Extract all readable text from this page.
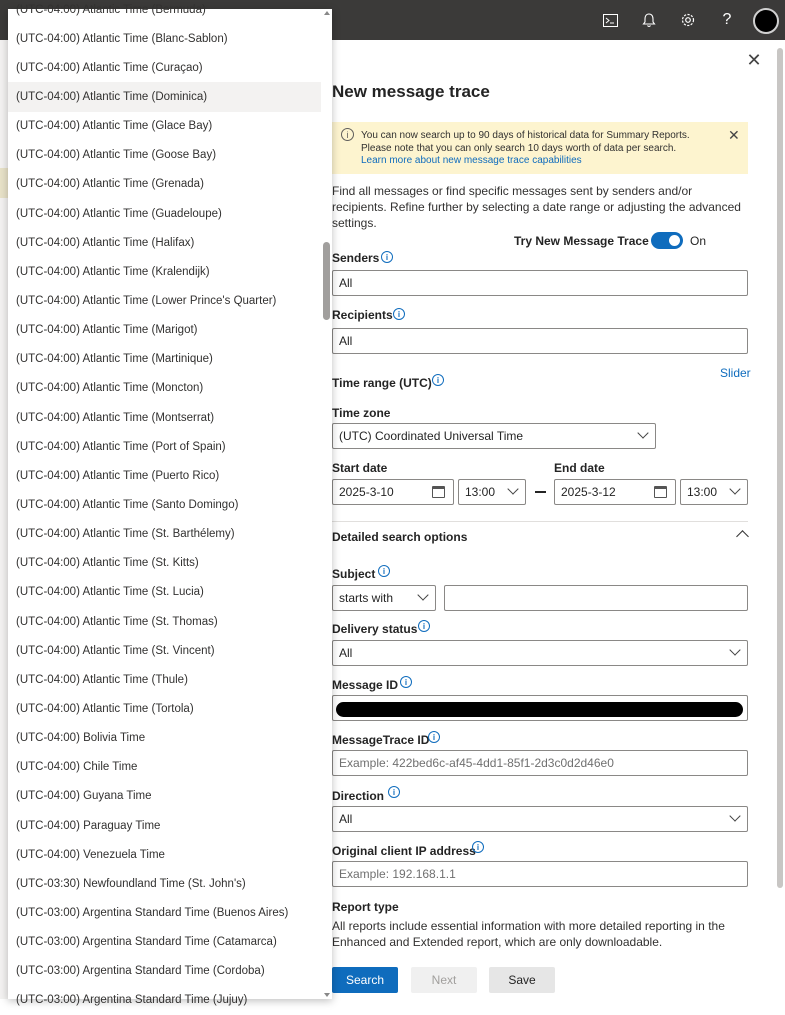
?
✕
New message trace
i	You can now search up to 90 days of historical data for Summary Reports. Please note that you can only search 10 days worth of data per search.
Learn more about new message trace capabilities
✕
Find all messages or find specific messages sent by senders and/or recipients. Refine further by selecting a date range or adjusting the advanced settings.
Try New Message Trace	On
Senders i
All
Recipients i
All
Time range (UTC) i	Slider
Time zone
(UTC) Coordinated Universal Time
Start date
2025-3-10	13:00
End date
2025-3-12	13:00
Detailed search options
Subject i
starts with
Delivery status i
All
Message ID i
MessageTrace ID i
Example: 422bed6c-af45-4dd1-85f1-2d3c0d2d46e0
Direction	i
All
Original client IP address i
Example: 192.168.1.1
Report type
All reports include essential information with more detailed reporting in the Enhanced and Extended report, which are only downloadable.
Search	Next	Save
(UTC-04:00) Atlantic Time (Bermuda)
(UTC-04:00) Atlantic Time (Blanc-Sablon)
(UTC-04:00) Atlantic Time (Curaçao)
(UTC-04:00) Atlantic Time (Dominica)
(UTC-04:00) Atlantic Time (Glace Bay)
(UTC-04:00) Atlantic Time (Goose Bay)
(UTC-04:00) Atlantic Time (Grenada)
(UTC-04:00) Atlantic Time (Guadeloupe)
(UTC-04:00) Atlantic Time (Halifax)
(UTC-04:00) Atlantic Time (Kralendijk)
(UTC-04:00) Atlantic Time (Lower Prince's Quarter)
(UTC-04:00) Atlantic Time (Marigot)
(UTC-04:00) Atlantic Time (Martinique)
(UTC-04:00) Atlantic Time (Moncton)
(UTC-04:00) Atlantic Time (Montserrat)
(UTC-04:00) Atlantic Time (Port of Spain)
(UTC-04:00) Atlantic Time (Puerto Rico)
(UTC-04:00) Atlantic Time (Santo Domingo)
(UTC-04:00) Atlantic Time (St. Barthélemy)
(UTC-04:00) Atlantic Time (St. Kitts)
(UTC-04:00) Atlantic Time (St. Lucia)
(UTC-04:00) Atlantic Time (St. Thomas)
(UTC-04:00) Atlantic Time (St. Vincent)
(UTC-04:00) Atlantic Time (Thule)
(UTC-04:00) Atlantic Time (Tortola)
(UTC-04:00) Bolivia Time
(UTC-04:00) Chile Time
(UTC-04:00) Guyana Time
(UTC-04:00) Paraguay Time
(UTC-04:00) Venezuela Time
(UTC-03:30) Newfoundland Time (St. John's)
(UTC-03:00) Argentina Standard Time (Buenos Aires)
(UTC-03:00) Argentina Standard Time (Catamarca)
(UTC-03:00) Argentina Standard Time (Cordoba)
(UTC-03:00) Argentina Standard Time (Jujuy)
